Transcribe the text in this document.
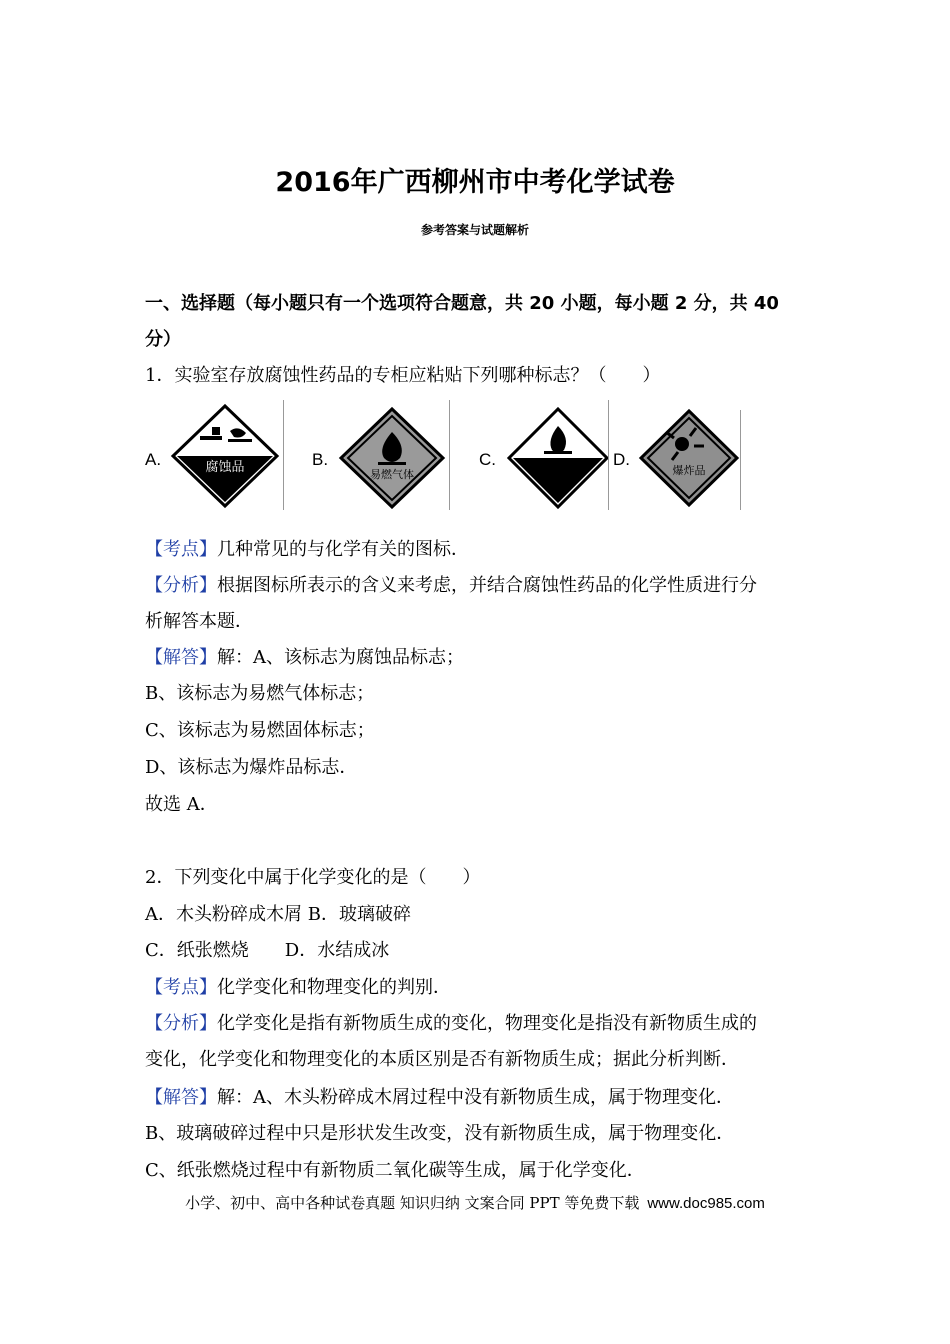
2016年广西柳州市中考化学试卷
参考答案与试题解析
一、选择题（每小题只有一个选项符合题意，共 20 小题，每小题 2 分，共 40
分）
1．实验室存放腐蚀性药品的专柜应粘贴下列哪种标志？（　　）
A.	腐蚀品	B.
易燃气体
C.	D.
爆炸品
【考点】几种常见的与化学有关的图标．
【分析】根据图标所表示的含义来考虑，并结合腐蚀性药品的化学性质进行分
析解答本题．
【解答】解：A、该标志为腐蚀品标志；
B、该标志为易燃气体标志；
C、该标志为易燃固体标志；
D、该标志为爆炸品标志．
故选 A．
2．下列变化中属于化学变化的是（　　）
A．木头粉碎成木屑 B．玻璃破碎
C．纸张燃烧　　D．水结成冰
【考点】化学变化和物理变化的判别．
【分析】化学变化是指有新物质生成的变化，物理变化是指没有新物质生成的
变化，化学变化和物理变化的本质区别是否有新物质生成；据此分析判断．
【解答】解：A、木头粉碎成木屑过程中没有新物质生成，属于物理变化．
B、玻璃破碎过程中只是形状发生改变，没有新物质生成，属于物理变化．
C、纸张燃烧过程中有新物质二氧化碳等生成，属于化学变化．
小学、初中、高中各种试卷真题 知识归纳 文案合同 PPT 等免费下载 www.doc985.com
